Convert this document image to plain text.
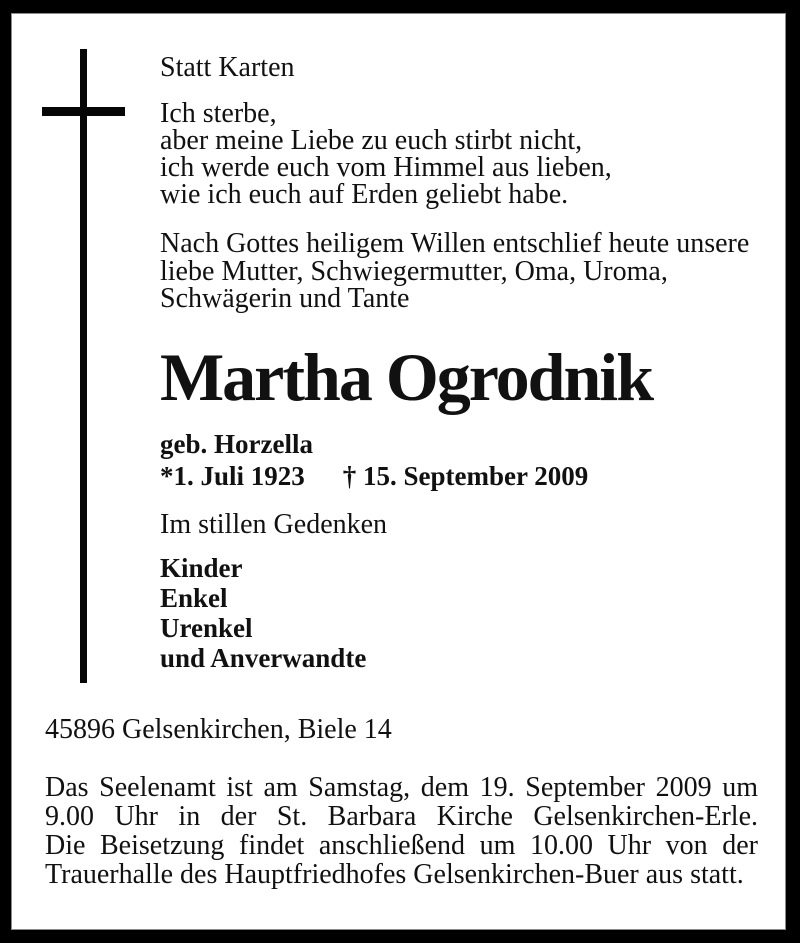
Statt Karten
Ich sterbe,
aber meine Liebe zu euch stirbt nicht,
ich werde euch vom Himmel aus lieben,
wie ich euch auf Erden geliebt habe.
Nach Gottes heiligem Willen entschlief heute unsere
liebe Mutter, Schwiegermutter, Oma, Uroma,
Schwägerin und Tante
Martha Ogrodnik
geb. Horzella
*1. Juli 1923 † 15. September 2009
Im stillen Gedenken
Kinder
Enkel
Urenkel
und Anverwandte
45896 Gelsenkirchen, Biele 14
Das Seelenamt ist am Samstag, dem 19. September 2009 um
9.00 Uhr in der St. Barbara Kirche Gelsenkirchen-Erle.
Die Beisetzung findet anschließend um 10.00 Uhr von der
Trauerhalle des Hauptfriedhofes Gelsenkirchen-Buer aus statt.
